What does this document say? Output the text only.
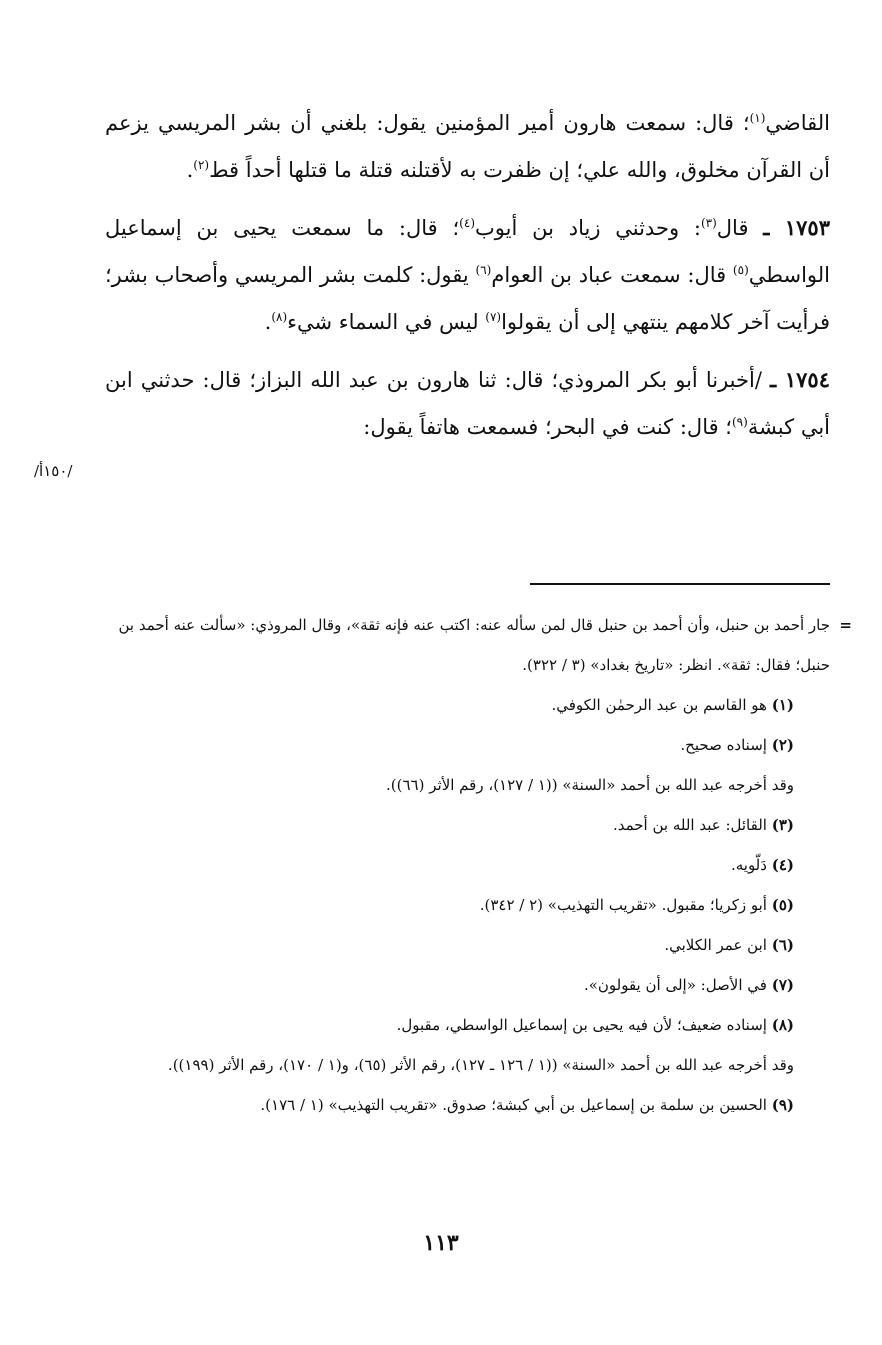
القاضي$^{(١)}$؛ قال: سمعت هارون أمير المؤمنين يقول: بلغني أن بشر المريسي يزعم أن القرآن مخلوق، والله علي؛ إن ظفرت به لأقتلنه قتلة ما قتلها أحداً قط$^{(٢)}$.

١٧٥٣ ـ قال$^{(٣)}$: وحدثني زياد بن أيوب$^{(٤)}$؛ قال: ما سمعت يحيى بن إسماعيل الواسطي$^{(٥)}$ قال: سمعت عباد بن العوام$^{(٦)}$ يقول: كلمت بشر المريسي وأصحاب بشر؛ فرأيت آخر كلامهم ينتهي إلى أن يقولوا$^{(٧)}$ ليس في السماء شيء$^{(٨)}$.

١٧٥٤ ـ /أخبرنا أبو بكر المروذي؛ قال: ثنا هارون بن عبد الله البزاز؛ قال: حدثني ابن أبي كبشة$^{(٩)}$؛ قال: كنت في البحر؛ فسمعت هاتفاً يقول:

/١٥٠أ/

=
جار أحمد بن حنبل، وأن أحمد بن حنبل قال لمن سأله عنه: اكتب عنه فإنه ثقة»، وقال المروذي: «سألت عنه أحمد بن حنبل؛ فقال: ثقة». انظر: «تاريخ بغداد» (٣ / ٣٢٢).

(١) هو القاسم بن عبد الرحمٰن الكوفي.

(٢) إسناده صحيح.

وقد أخرجه عبد الله بن أحمد «السنة» ((١ / ١٢٧)، رقم الأثر (٦٦)).

(٣) القائل: عبد الله بن أحمد.

(٤) دَلّويه.

(٥) أبو زكريا؛ مقبول. «تقريب التهذيب» (٢ / ٣٤٢).

(٦) ابن عمر الكلابي.

(٧) في الأصل: «إلى أن يقولون».

(٨) إسناده ضعيف؛ لأن فيه يحيى بن إسماعيل الواسطي، مقبول.

وقد أخرجه عبد الله بن أحمد «السنة» ((١ / ١٢٦ ـ ١٢٧)، رقم الأثر (٦٥)، و(١ / ١٧٠)، رقم الأثر (١٩٩)).

(٩) الحسين بن سلمة بن إسماعيل بن أبي كبشة؛ صدوق. «تقريب التهذيب» (١ / ١٧٦).

١١٣
